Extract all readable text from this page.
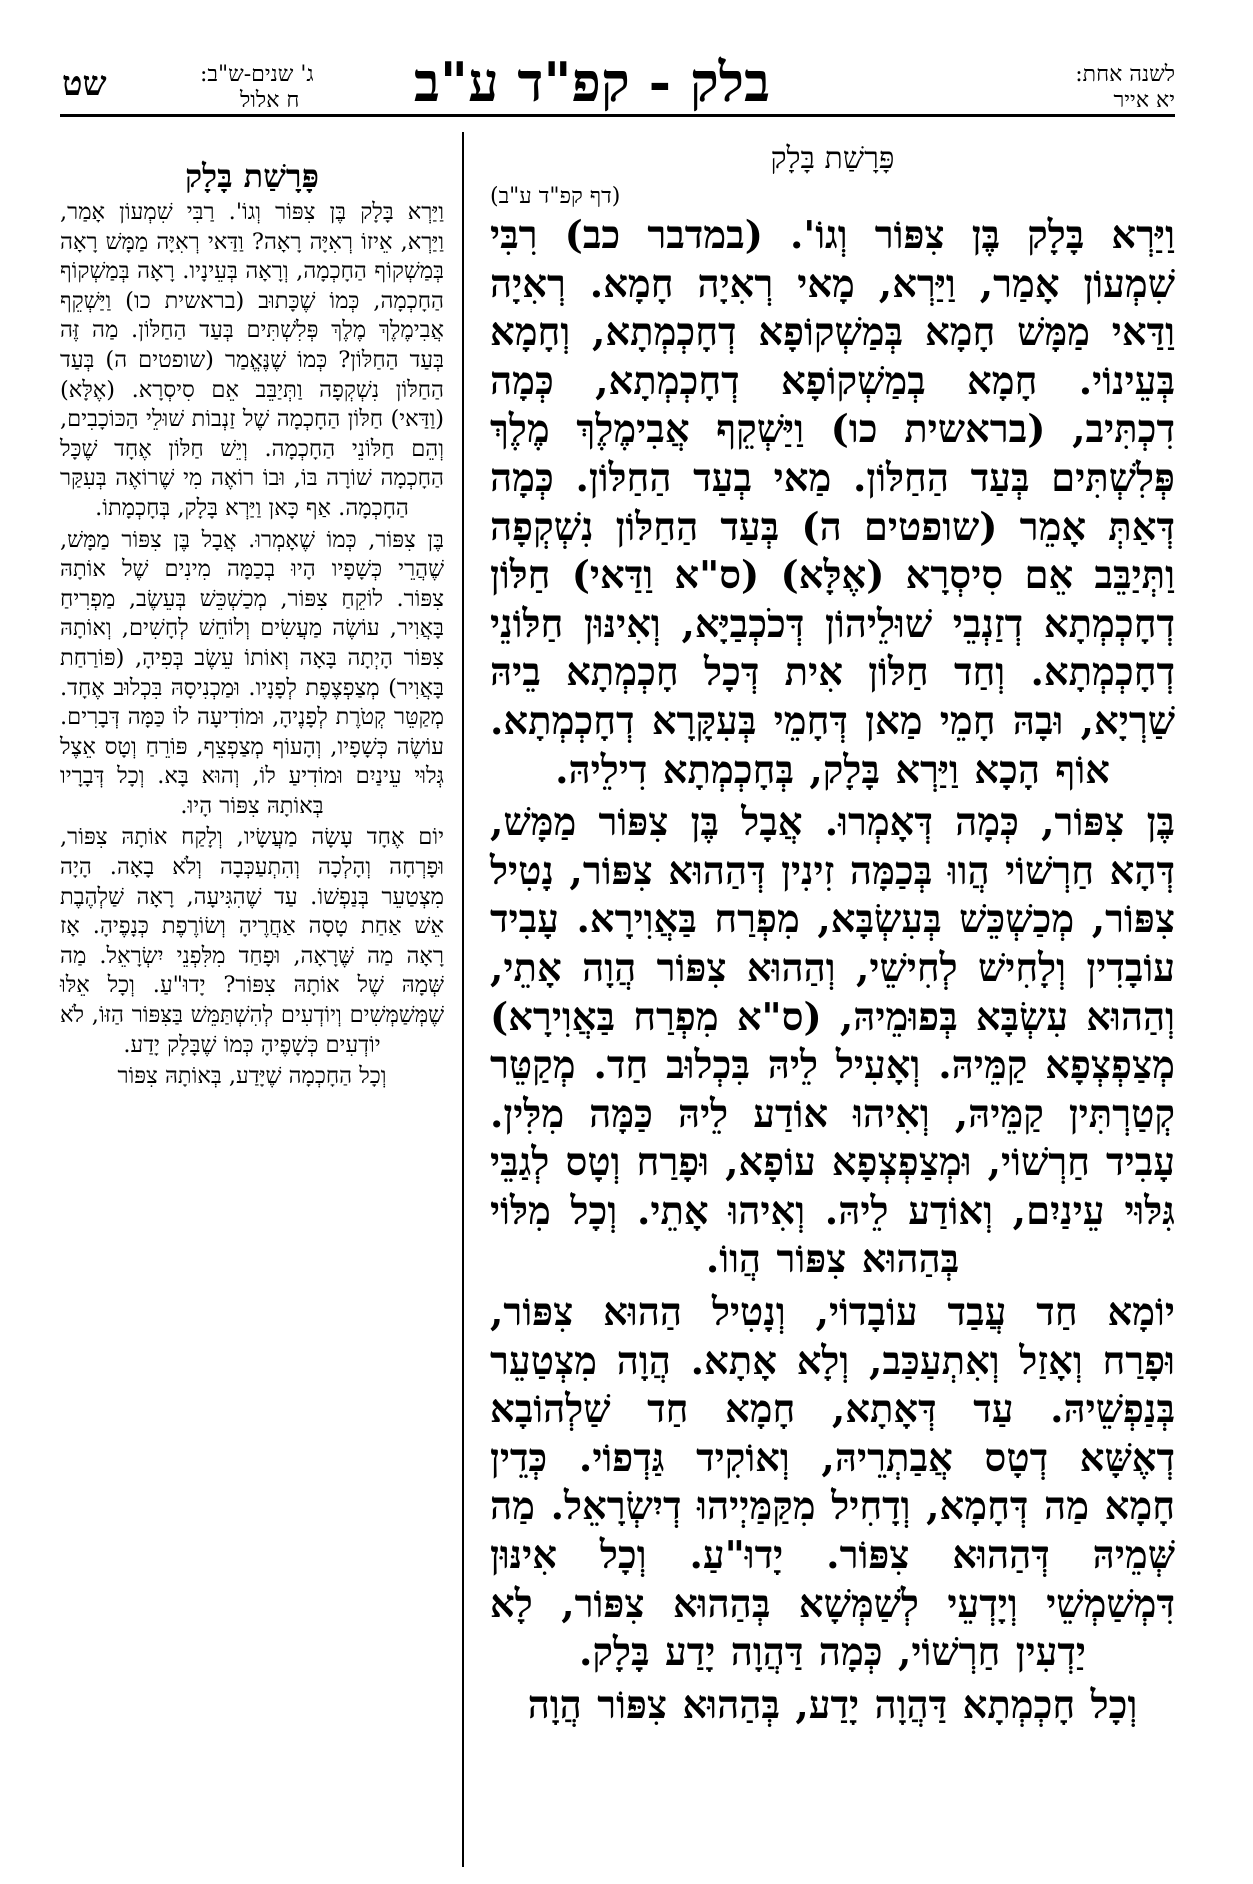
לשנה אחת:
יא אייר
בלק - קפ"ד ע"ב
ג' שנים-ש"ב:
ח אלול
שט
פָּרָשַׁת בָּלָק
(דף קפ"ד ע"ב)

וַיַּרְא בָּלָק בֶּן צִפּוֹר וְגוֹ'. (במדבר כב) רִבִּי שִׁמְעוֹן אָמַר, וַיַּרְא, מָאי רְאִיָה חָמָא. רְאִיָה וַדַּאי מַמָּשׁ חָמָא בְּמַשְׁקוֹפָא דְחָכְמְתָא, וְחָמָא בְּעֵינוֹי. חָמָא בְמַשְׁקוֹפָא דְחָכְמְתָא, כְּמָה דִכְתִּיב, (בראשית כו) וַיַּשְׁקֵף אֲבִימֶלֶךְ מֶלֶךְ פְּלִשְׁתִּים בְּעַד הַחַלּוֹן. מַאי בְעַד הַחַלּוֹן. כְּמָה דְּאַתְּ אָמֵר (שופטים ה) בְּעַד הַחַלּוֹן נִשְׁקְפָה וַתְּיַבֵּב אֵם סִיסְרָא (אֶלָּא) (ס"א וַדַּאי) חַלּוֹן דְחָכְמְתָא דְזַנְבֵי שׁוּלֵיהוֹן דְּכֹכְבַיָּא, וְאִינּוּן חַלּוֹנֵי דְחָכְמְתָא. וְחַד חַלּוֹן אִית דְּכָל חָכְמְתָא בֵיהּ שַׁרְיָא, וּבָהּ חָמֵי מַאן דְּחָמֵי בְּעִקָּרָא דְחָכְמְתָא. אוֹף הָכָא וַיַּרְא בָּלָק, בְּחָכְמְתָא דִילֵיהּ.

בֶּן צִפּוֹר, כְּמָה דְּאָמְרוּ. אֲבָל בֶּן צִפּוֹר מַמָּשׁ, דְּהָא חַרְשׁוֹי הֲווּ בְּכַמָּה זִינִין דְּהַהוּא צִפּוֹר, נָטִיל צִפּוֹר, מְכַשְׁכֵּשׁ בְּעִשְׂבָּא, מִפְרַח בַּאֲוִירָא. עָבִיד עוֹבָדִין וְלָחִישׁ לְחִישֵׁי, וְהַהוּא צִפּוֹר הֲוָה אָתֵי, וְהַהוּא עִשְׂבָּא בְּפוּמֵיהּ, (ס"א מִפְרַח בַּאֲוִירָא) מְצַפְצְפָא קַמֵּיהּ. וְאָעִיל לֵיהּ בִּכְלוּב חַד. מְקַטֵּר קְטַרְתִּין קַמֵּיהּ, וְאִיהוּ אוֹדַע לֵיהּ כַּמָּה מִלִּין. עָבִיד חַרְשׁוֹי, וּמְצַפְצְפָא עוֹפָא, וּפָרַח וְטָס לְגַבֵּי גִּלּוּי עֵינַיִם, וְאוֹדַע לֵיהּ. וְאִיהוּ אָתֵי. וְכָל מִלּוֹי בְּהַהוּא צִפּוֹר הֲווֹ.

יוֹמָא חַד עֲבַד עוֹבָדוֹי, וְנָטִיל הַהוּא צִפּוֹר, וּפָרַח וְאָזַל וְאִתְעַכַּב, וְלָא אָתָא. הֲוָה מִצְטַעֵר בְּנַפְשֵׁיהּ. עַד דְּאָתָא, חָמָא חַד שַׁלְהוֹבָא דְאֶשָּׁא דְטָס אֲבַתְרֵיהּ, וְאוֹקִיד גַּדְפוֹי. כְּדֵין חָמָא מַה דְּחָמָא, וְדָחִיל מִקַּמַּיְיהוּ דְיִשְׂרָאֵל. מַה שְּׁמֵיהּ דְּהַהוּא צִפּוֹר. יָדוּ"עַ. וְכָל אִינּוּן דִּמְשַׁמְשֵׁי וְיָדְעֵי לְשַׁמְּשָׁא בְּהַהוּא צִפּוֹר, לָא יַדְעִין חַרְשׁוֹי, כְּמָה דַּהֲוָה יָדַע בָּלָק.

וְכָל חָכְמְתָא דַּהֲוָה יָדַע, בְּהַהוּא צִפּוֹר הֲוָה

פָּרָשַׁת בָּלָק

וַיַּרְא בָּלָק בֶּן צִפּוֹר וְגוֹ'. רַבִּי שִׁמְעוֹן אָמַר, וַיַּרְא, אֵיזוֹ רְאִיָּה רָאָה? וַדַּאי רְאִיָּה מַמָּשׁ רָאָה בְּמַשְׁקוֹף הַחָכְמָה, וְרָאָה בְּעֵינָיו. רָאָה בְּמַשְׁקוֹף הַחָכְמָה, כְּמוֹ שֶׁכָּתוּב (בראשית כו) וַיַּשְׁקֵף אֲבִימֶלֶךְ מֶלֶךְ פְּלִשְׁתִּים בְּעַד הַחַלּוֹן. מַה זֶּה בְּעַד הַחַלּוֹן? כְּמוֹ שֶׁנֶּאֱמַר (שופטים ה) בְּעַד הַחַלּוֹן נִשְׁקְפָה וַתְּיַבֵּב אֵם סִיסְרָא. (אֶלָּא) (וַדַּאי) חַלּוֹן הַחָכְמָה שֶׁל זַנְבוֹת שׁוּלֵי הַכּוֹכָבִים, וְהֵם חַלּוֹנֵי הַחָכְמָה. וְיֵשׁ חַלּוֹן אֶחָד שֶׁכָּל הַחָכְמָה שׁוֹרָה בּוֹ, וּבוֹ רוֹאֶה מִי שֶׁרוֹאֶה בְּעִקַּר הַחָכְמָה. אַף כָּאן וַיַּרְא בָּלָק, בְּחָכְמָתוֹ.

בֶּן צִפּוֹר, כְּמוֹ שֶׁאָמְרוּ. אֲבָל בֶּן צִפּוֹר מַמָּשׁ, שֶׁהֲרֵי כְּשָׁפָיו הָיוּ בְכַמָּה מִינִים שֶׁל אוֹתָהּ צִפּוֹר. לוֹקֵחַ צִפּוֹר, מְכַשְׁכֵּשׁ בְּעֵשֶׂב, מַפְרִיחַ בָּאֲוִיר, עוֹשֶׂה מַעֲשִׂים וְלוֹחֵשׁ לְחָשִׁים, וְאוֹתָהּ צִפּוֹר הָיְתָה בָּאָה וְאוֹתוֹ עֵשֶׂב בְּפִיהָ, (פּוֹרַחַת בָּאֲוִיר) מְצַפְצֶפֶת לְפָנָיו. וּמַכְנִיסָהּ בִּכְלוּב אֶחָד. מְקַטֵּר קְטֹרֶת לְפָנֶיהָ, וּמוֹדִיעָה לוֹ כַּמָּה דְּבָרִים. עוֹשֶׂה כְּשָׁפָיו, וְהָעוֹף מְצַפְצֵף, פּוֹרֵחַ וְטָס אֵצֶל גְּלוּי עֵינַיִם וּמוֹדִיעַ לוֹ, וְהוּא בָּא. וְכָל דְּבָרָיו בְּאוֹתָהּ צִפּוֹר הָיוּ.

יוֹם אֶחָד עָשָׂה מַעֲשָׂיו, וְלָקַח אוֹתָהּ צִפּוֹר, וּפָרְחָה וְהָלְכָה וְהִתְעַכְּבָה וְלֹא בָאָה. הָיָה מִצְטַעֵר בְּנַפְשׁוֹ. עַד שֶׁהִגִּיעָה, רָאָה שַׁלְהֶבֶת אֵשׁ אַחַת טָסָה אַחֲרֶיהָ וְשׂוֹרֶפֶת כְּנָפֶיהָ. אָז רָאָה מַה שֶּׁרָאָה, וּפָחַד מִלִּפְנֵי יִשְׂרָאֵל. מַה שְּׁמָהּ שֶׁל אוֹתָהּ צִפּוֹר? יָדוּ"עַ. וְכָל אֵלּוּ שֶׁמְּשַׁמְּשִׁים וְיוֹדְעִים לְהִשְׁתַּמֵּשׁ בַּצִּפּוֹר הַזּוֹ, לֹא יוֹדְעִים כְּשָׁפֶיהָ כְּמוֹ שֶׁבָּלָק יָדַע.

וְכָל הַחָכְמָה שֶׁיָּדַע, בְּאוֹתָהּ צִפּוֹר
